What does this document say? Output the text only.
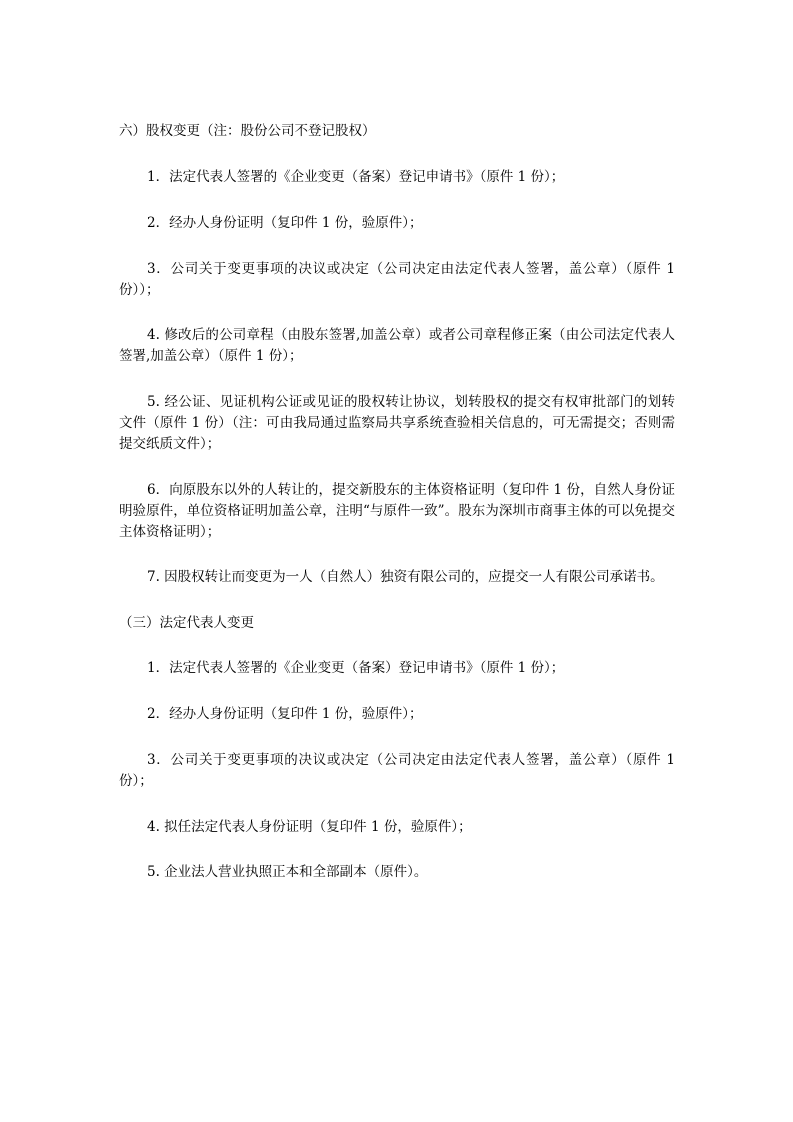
六）股权变更（注：股份公司不登记股权）
1．法定代表人签署的《企业变更（备案）登记申请书》（原件 1 份）；
2．经办人身份证明（复印件 1 份，验原件）；
3．公司关于变更事项的决议或决定（公司决定由法定代表人签署，盖公章）（原件 1 份））；
4. 修改后的公司章程（由股东签署,加盖公章）或者公司章程修正案（由公司法定代表人签署,加盖公章）（原件 1 份）；
5. 经公证、见证机构公证或见证的股权转让协议，划转股权的提交有权审批部门的划转文件（原件 1 份）（注：可由我局通过监察局共享系统查验相关信息的，可无需提交；否则需提交纸质文件）；
6．向原股东以外的人转让的，提交新股东的主体资格证明（复印件 1 份，自然人身份证明验原件，单位资格证明加盖公章，注明“与原件一致”。股东为深圳市商事主体的可以免提交主体资格证明）；
7. 因股权转让而变更为一人（自然人）独资有限公司的，应提交一人有限公司承诺书。
（三）法定代表人变更
1．法定代表人签署的《企业变更（备案）登记申请书》（原件 1 份）；
2．经办人身份证明（复印件 1 份，验原件）；
3．公司关于变更事项的决议或决定（公司决定由法定代表人签署，盖公章）（原件 1 份）；
4. 拟任法定代表人身份证明（复印件 1 份，验原件）；
5. 企业法人营业执照正本和全部副本（原件）。
